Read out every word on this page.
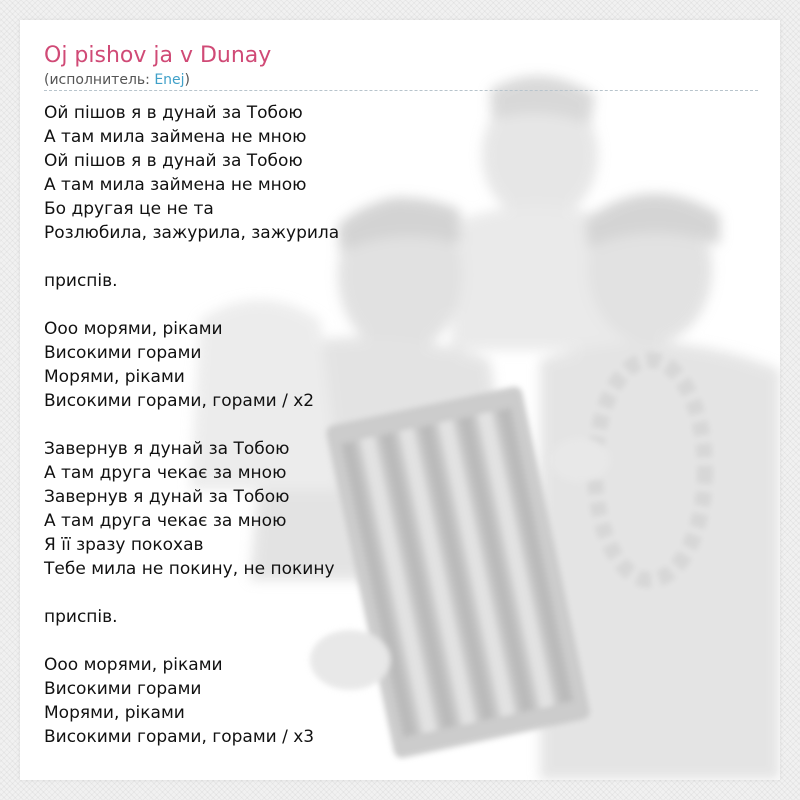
Oj pishov ja v Dunay
(исполнитель: Enej)
Ой пішов я в дунай за Тобою
А там мила займена не мною
Ой пішов я в дунай за Тобою
А там мила займена не мною
Бо другая це не та
Розлюбила, зажурила, зажурила
приспів.
Ооо морями, ріками
Високими горами
Морями, ріками
Високими горами, горами / х2
Завернув я дунай за Тобою
А там друга чекає за мною
Завернув я дунай за Тобою
А там друга чекає за мною
Я її зразу покохав
Тебе мила не покину, не покину
приспів.
Ооо морями, ріками
Високими горами
Морями, ріками
Високими горами, горами / х3
